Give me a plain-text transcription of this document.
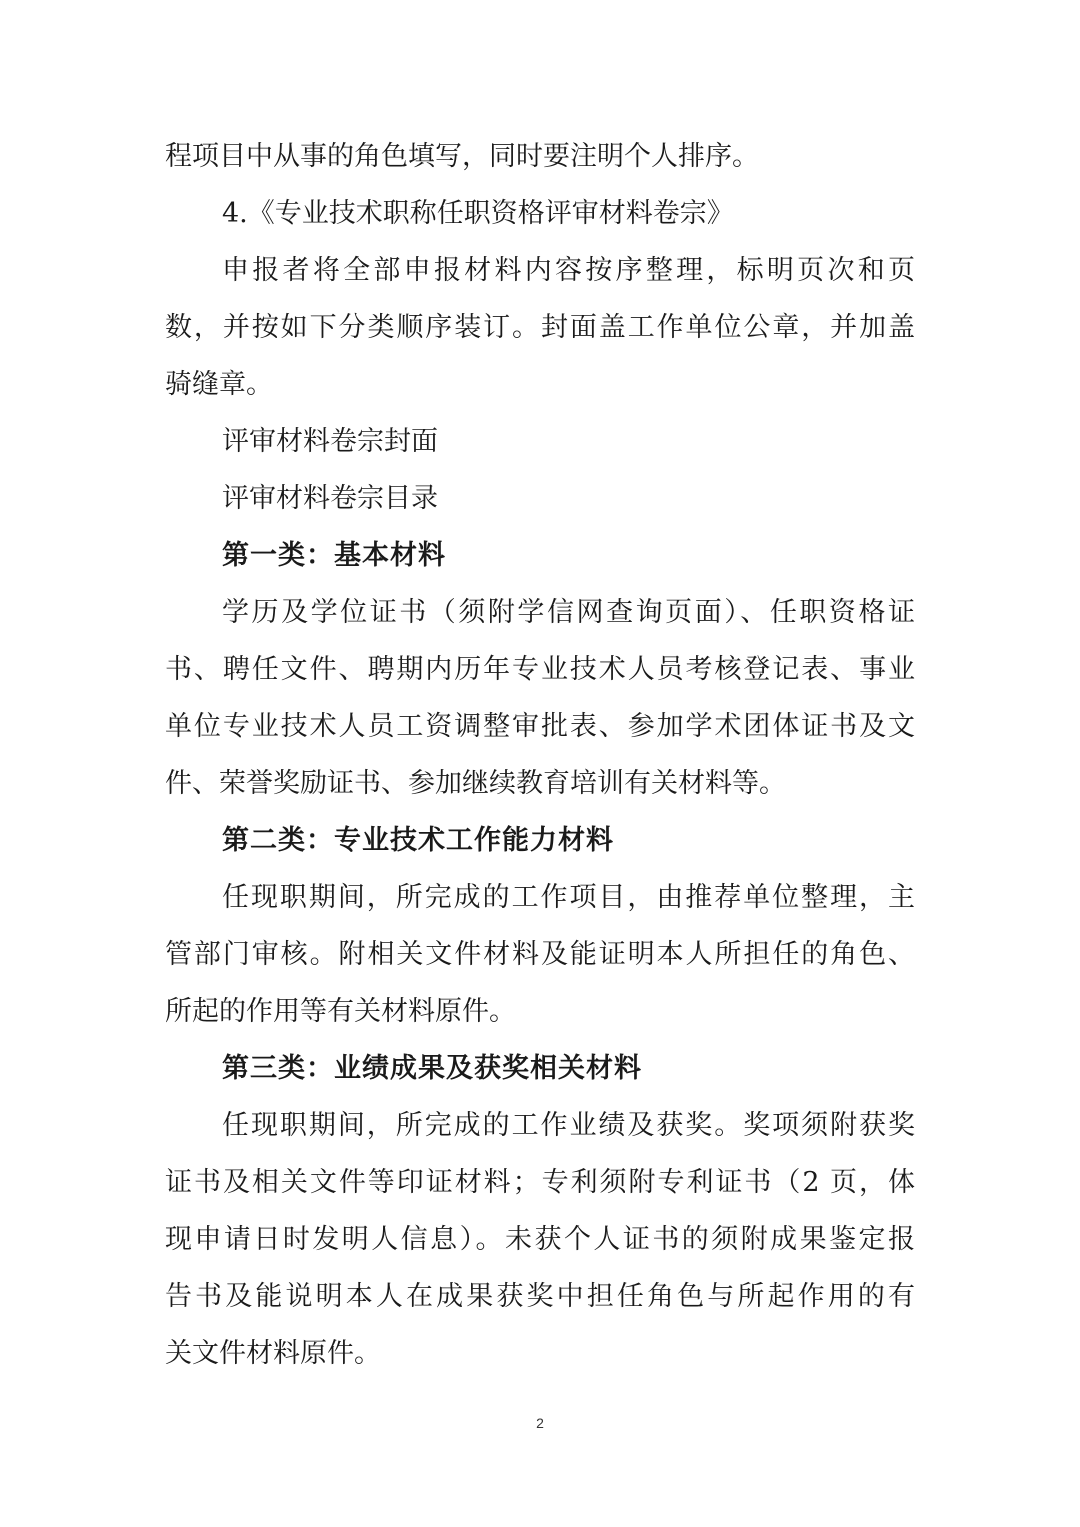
程项目中从事的角色填写，同时要注明个人排序。
4.《专业技术职称任职资格评审材料卷宗》
申报者将全部申报材料内容按序整理，标明页次和页
数，并按如下分类顺序装订。封面盖工作单位公章，并加盖
骑缝章。
评审材料卷宗封面
评审材料卷宗目录
第一类：基本材料
学历及学位证书（须附学信网查询页面）、任职资格证
书、聘任文件、聘期内历年专业技术人员考核登记表、事业
单位专业技术人员工资调整审批表、参加学术团体证书及文
件、荣誉奖励证书、参加继续教育培训有关材料等。
第二类：专业技术工作能力材料
任现职期间，所完成的工作项目，由推荐单位整理，主
管部门审核。附相关文件材料及能证明本人所担任的角色、
所起的作用等有关材料原件。
第三类：业绩成果及获奖相关材料
任现职期间，所完成的工作业绩及获奖。奖项须附获奖
证书及相关文件等印证材料；专利须附专利证书（2 页，体
现申请日时发明人信息）。未获个人证书的须附成果鉴定报
告书及能说明本人在成果获奖中担任角色与所起作用的有
关文件材料原件。
2
